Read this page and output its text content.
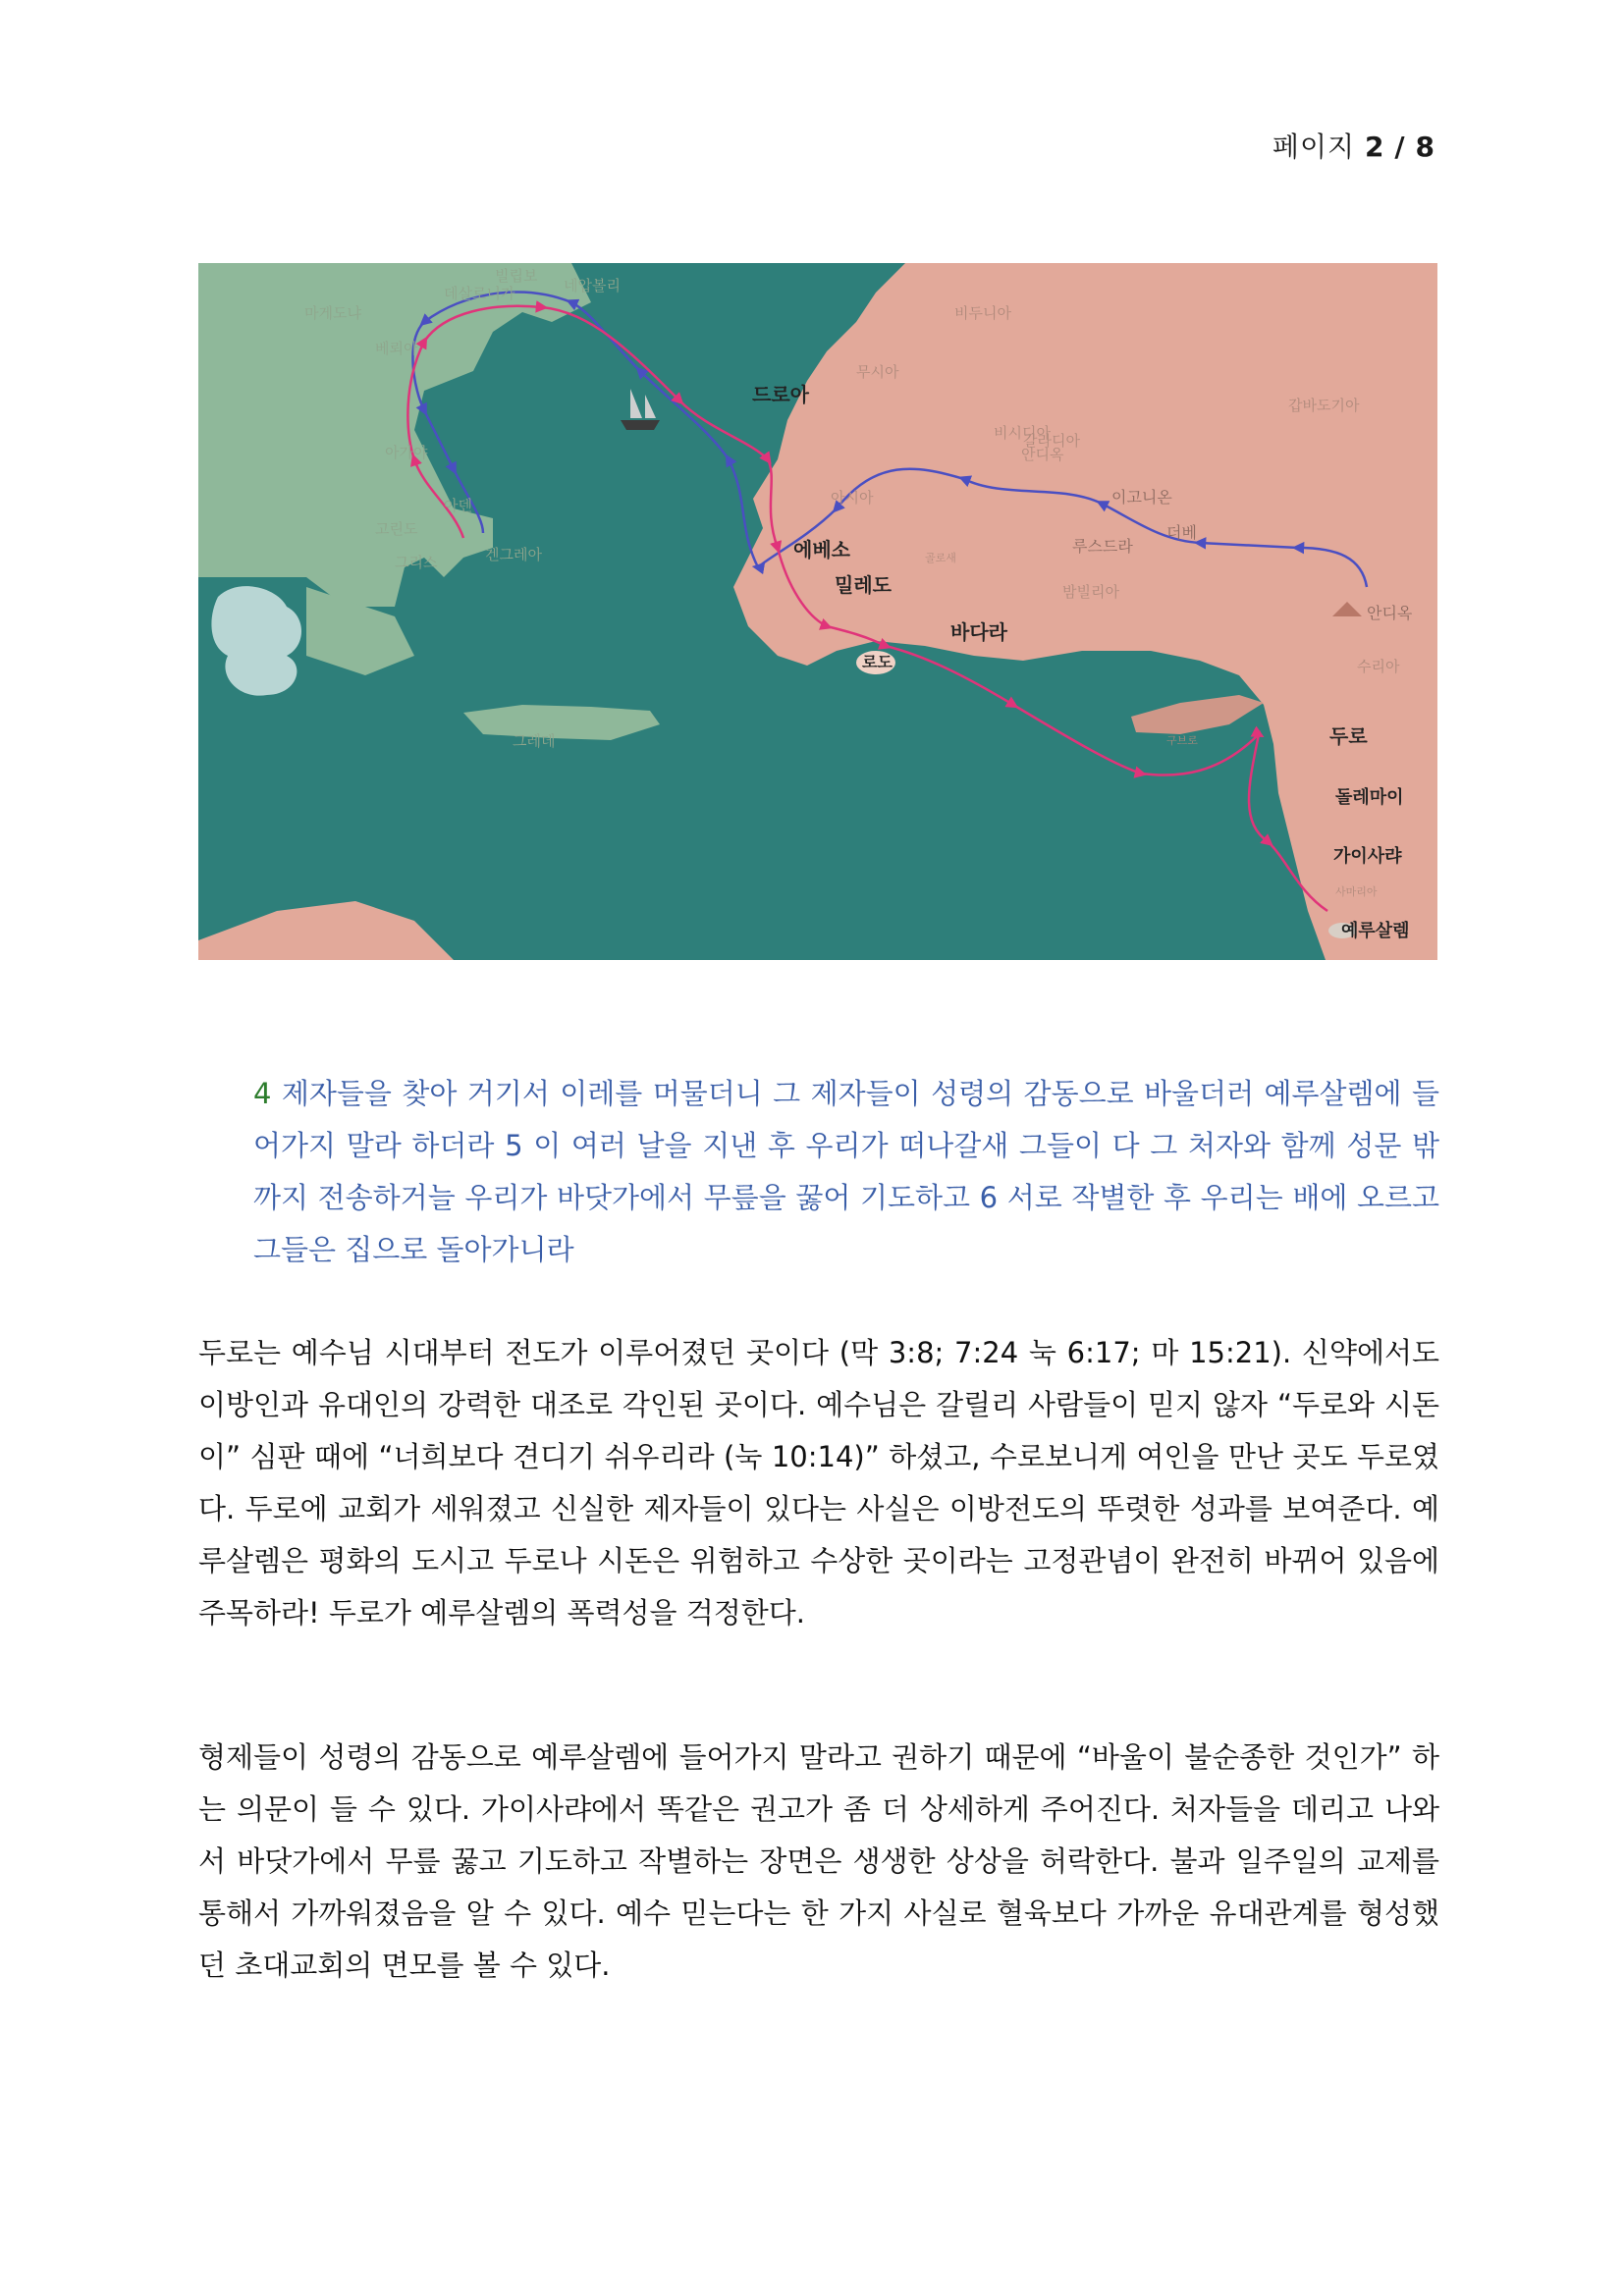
페이지 2 / 8
마게도냐
베뢰아
데살로니가
빌립보
네압볼리
아가야
고린도
그리스
아덴
겐그레아
비두니아
무시아
드로아
갈라디아
갑바도기아
비시디아
안디옥
이고니온
더베
루스드라
아시아
에베소	골로새
밀레도	밤빌리아
바다라
로도
안디옥
수리아
구브로	두로
돌레마이
가이사랴
사마리아
예루살렘
그레데
4 제자들을 찾아 거기서 이레를 머물더니 그 제자들이 성령의 감동으로 바울더러 예루살렘에 들어가지 말라 하더라 5 이 여러 날을 지낸 후 우리가 떠나갈새 그들이 다 그 처자와 함께 성문 밖까지 전송하거늘 우리가 바닷가에서 무릎을 꿇어 기도하고 6 서로 작별한 후 우리는 배에 오르고 그들은 집으로 돌아가니라
두로는 예수님 시대부터 전도가 이루어졌던 곳이다 (막 3:8; 7:24 눅 6:17; 마 15:21). 신약에서도 이방인과 유대인의 강력한 대조로 각인된 곳이다. 예수님은 갈릴리 사람들이 믿지 않자 “두로와 시돈이” 심판 때에 “너희보다 견디기 쉬우리라 (눅 10:14)” 하셨고, 수로보니게 여인을 만난 곳도 두로였다. 두로에 교회가 세워졌고 신실한 제자들이 있다는 사실은 이방전도의 뚜렷한 성과를 보여준다. 예루살렘은 평화의 도시고 두로나 시돈은 위험하고 수상한 곳이라는 고정관념이 완전히 바뀌어 있음에 주목하라! 두로가 예루살렘의 폭력성을 걱정한다.
형제들이 성령의 감동으로 예루살렘에 들어가지 말라고 권하기 때문에 “바울이 불순종한 것인가” 하는 의문이 들 수 있다. 가이사랴에서 똑같은 권고가 좀 더 상세하게 주어진다. 처자들을 데리고 나와서 바닷가에서 무릎 꿇고 기도하고 작별하는 장면은 생생한 상상을 허락한다. 불과 일주일의 교제를 통해서 가까워졌음을 알 수 있다. 예수 믿는다는 한 가지 사실로 혈육보다 가까운 유대관계를 형성했던 초대교회의 면모를 볼 수 있다.
